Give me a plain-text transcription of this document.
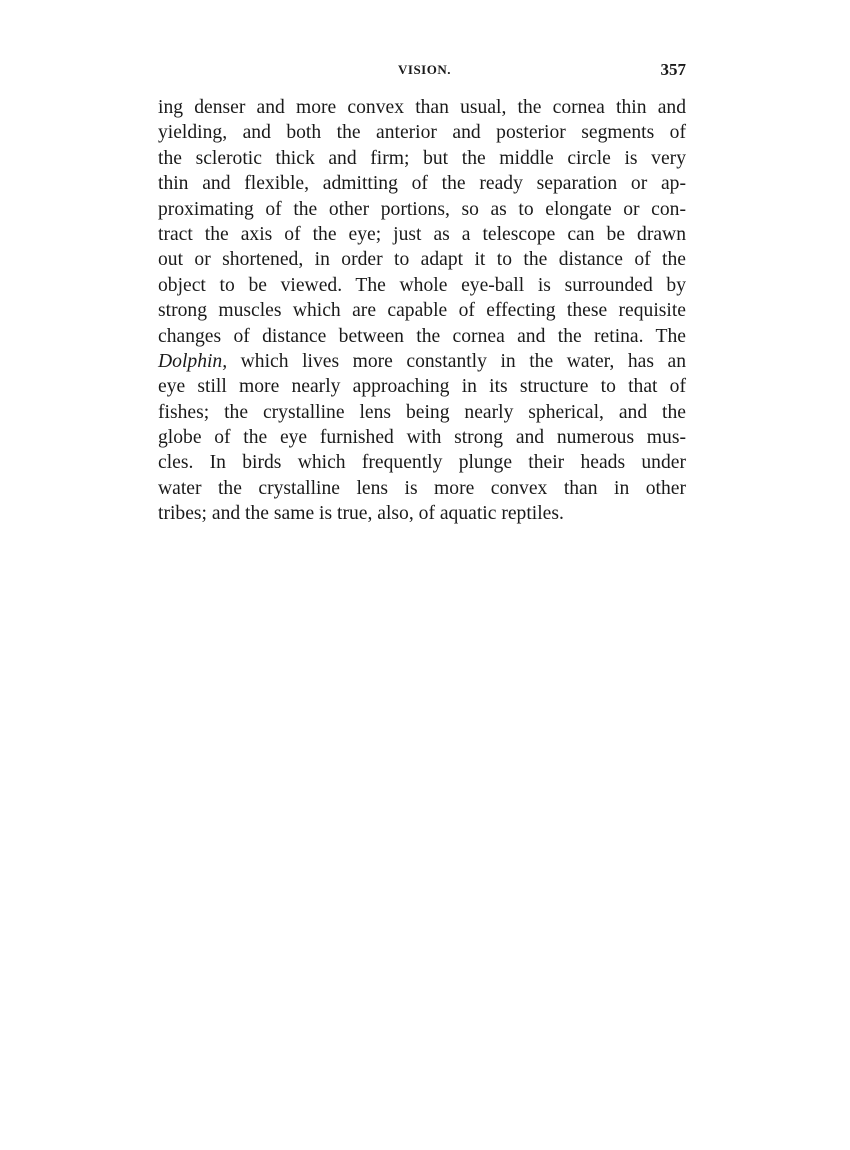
VISION.	357
ing denser and more convex than usual, the cornea thin and
yielding, and both the anterior and posterior segments of
the sclerotic thick and firm; but the middle circle is very
thin and flexible, admitting of the ready separation or ap-
proximating of the other portions, so as to elongate or con-
tract the axis of the eye; just as a telescope can be drawn
out or shortened, in order to adapt it to the distance of the
object to be viewed. The whole eye-ball is surrounded by
strong muscles which are capable of effecting these requisite
changes of distance between the cornea and the retina. The
Dolphin, which lives more constantly in the water, has an
eye still more nearly approaching in its structure to that of
fishes; the crystalline lens being nearly spherical, and the
globe of the eye furnished with strong and numerous mus-
cles. In birds which frequently plunge their heads under
water the crystalline lens is more convex than in other
tribes; and the same is true, also, of aquatic reptiles.
